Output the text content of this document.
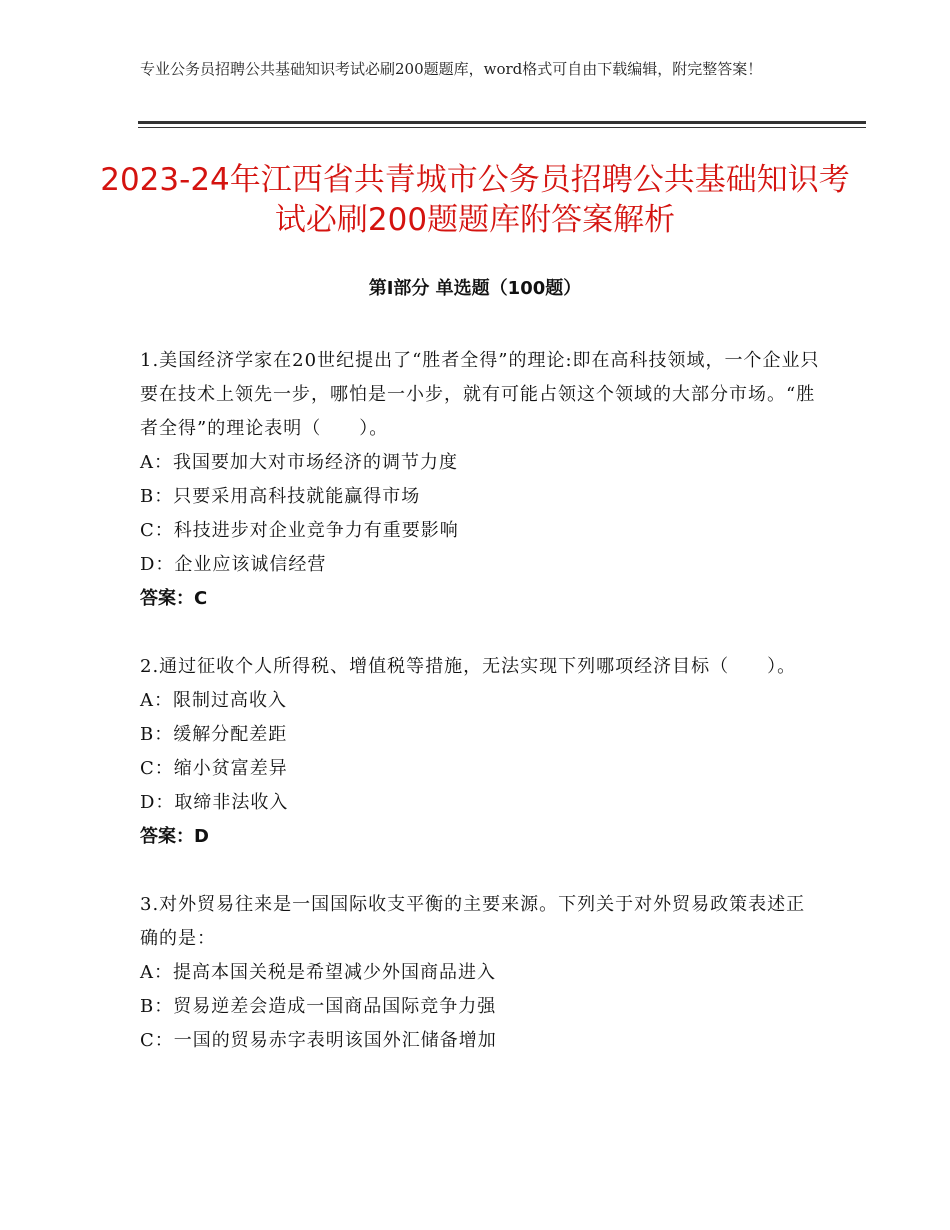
专业公务员招聘公共基础知识考试必刷200题题库，word格式可自由下载编辑，附完整答案！
2023-24年江西省共青城市公务员招聘公共基础知识考试必刷200题题库附答案解析
第Ⅰ部分 单选题（100题）
1.美国经济学家在20世纪提出了“胜者全得”的理论:即在高科技领域，一个企业只要在技术上领先一步，哪怕是一小步，就有可能占领这个领域的大部分市场。“胜者全得”的理论表明（　　）。
A：我国要加大对市场经济的调节力度
B：只要采用高科技就能赢得市场
C：科技进步对企业竞争力有重要影响
D：企业应该诚信经营
答案：C
2.通过征收个人所得税、增值税等措施，无法实现下列哪项经济目标（　　）。
A：限制过高收入
B：缓解分配差距
C：缩小贫富差异
D：取缔非法收入
答案：D
3.对外贸易往来是一国国际收支平衡的主要来源。下列关于对外贸易政策表述正确的是：
A：提高本国关税是希望减少外国商品进入
B：贸易逆差会造成一国商品国际竞争力强
C：一国的贸易赤字表明该国外汇储备增加
